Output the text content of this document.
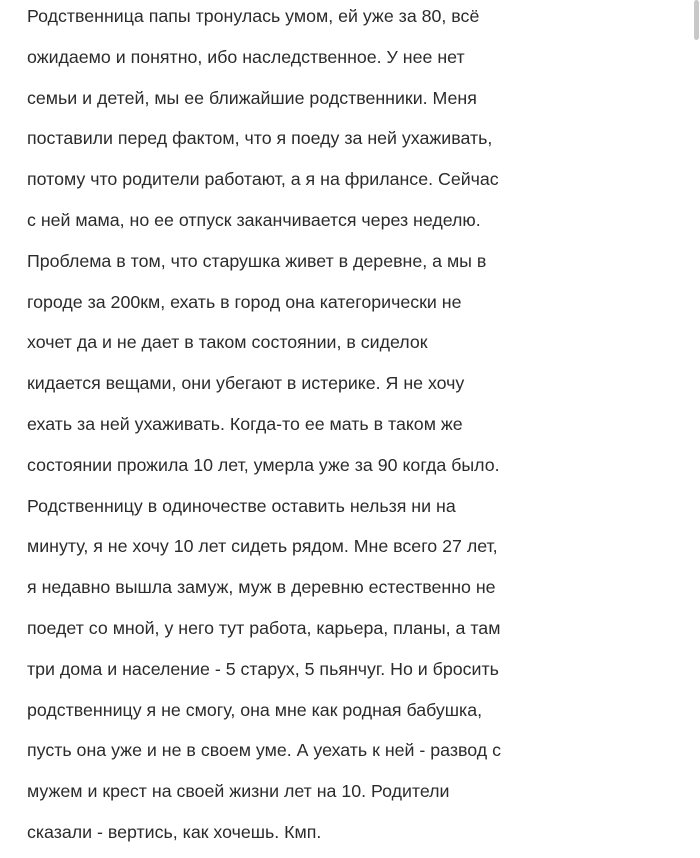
Родственница папы тронулась умом, ей уже за 80, всё
ожидаемо и понятно, ибо наследственное. У нее нет
семьи и детей, мы ее ближайшие родственники. Меня
поставили перед фактом, что я поеду за ней ухаживать,
потому что родители работают, а я на фрилансе. Сейчас
с ней мама, но ее отпуск заканчивается через неделю.
Проблема в том, что старушка живет в деревне, а мы в
городе за 200км, ехать в город она категорически не
хочет да и не дает в таком состоянии, в сиделок
кидается вещами, они убегают в истерике. Я не хочу
ехать за ней ухаживать. Когда-то ее мать в таком же
состоянии прожила 10 лет, умерла уже за 90 когда было.
Родственницу в одиночестве оставить нельзя ни на
минуту, я не хочу 10 лет сидеть рядом. Мне всего 27 лет,
я недавно вышла замуж, муж в деревню естественно не
поедет со мной, у него тут работа, карьера, планы, а там
три дома и население - 5 старух, 5 пьянчуг. Но и бросить
родственницу я не смогу, она мне как родная бабушка,
пусть она уже и не в своем уме. А уехать к ней - развод с
мужем и крест на своей жизни лет на 10. Родители
сказали - вертись, как хочешь. Кмп.
